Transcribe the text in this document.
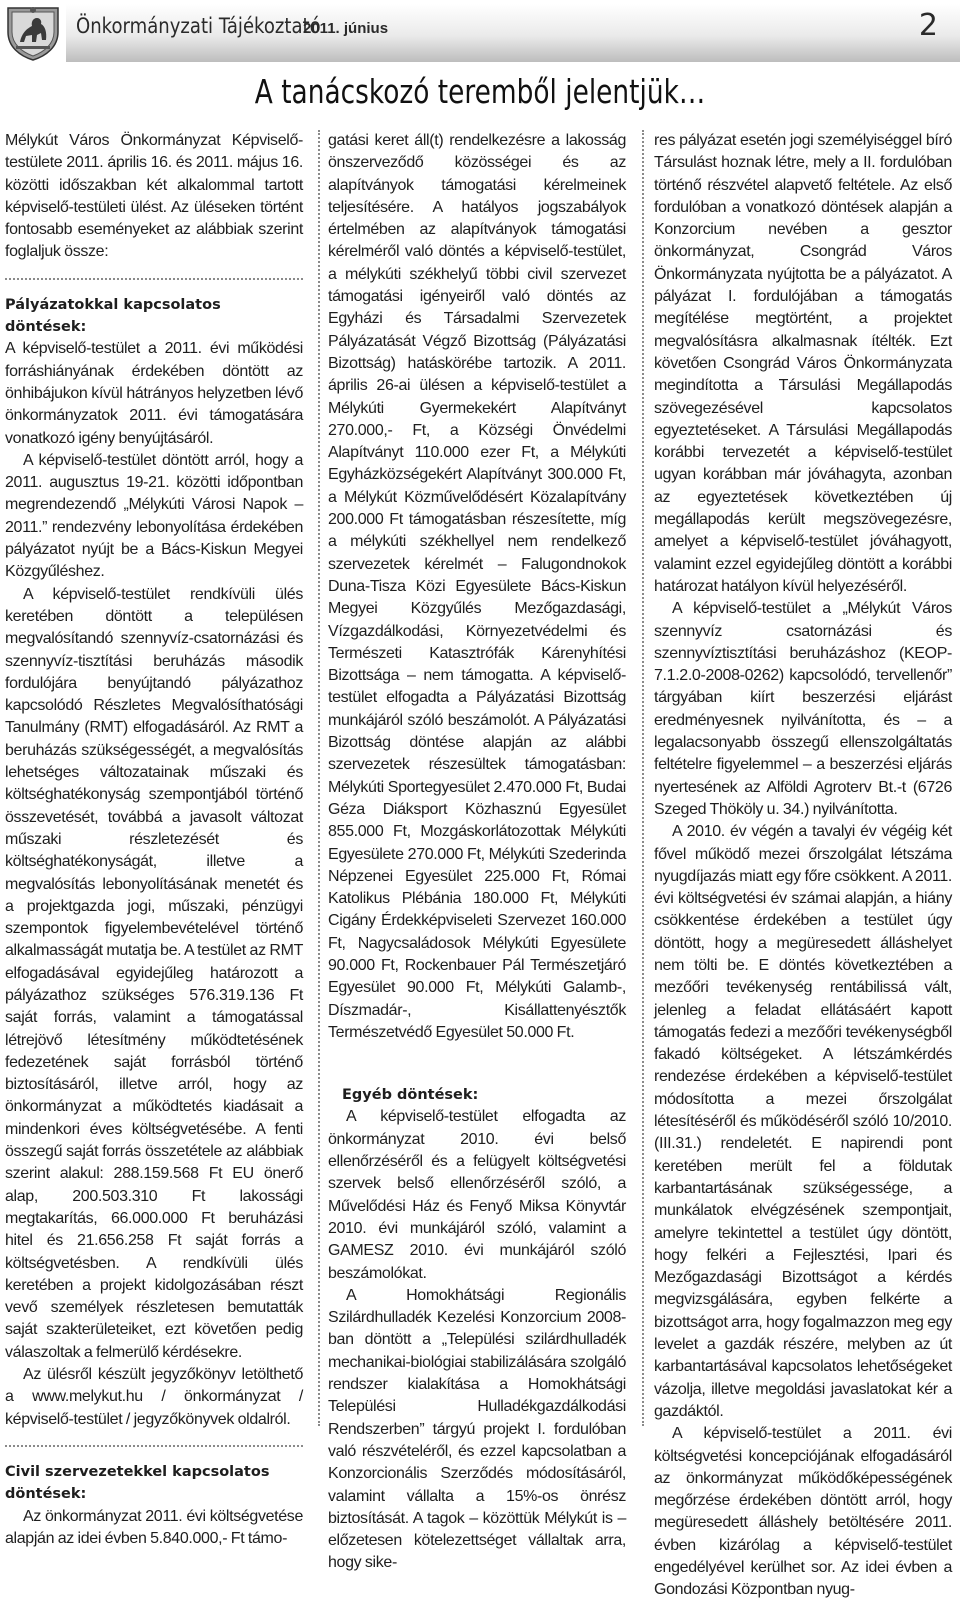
Önkormányzati Tájékoztató
2011. június	2
A tanácskozó teremből jelentjük…

Mélykút Város Önkormányzat Képviselő-testülete 2011. április 16. és 2011. május 16. közötti időszakban két alkalommal tartott képviselő-testületi ülést. Az üléseken történt fontosabb eseményeket az alábbiak szerint foglaljuk össze:

Pályázatokkal kapcsolatos döntések:

A képviselő-testület a 2011. évi működési forráshiányának érdekében döntött az önhibájukon kívül hátrányos helyzetben lévő önkormányzatok 2011. évi támogatására vonatkozó igény benyújtásáról.

A képviselő-testület döntött arról, hogy a 2011. augusztus 19-21. közötti időpontban megrendezendő „Mélykúti Városi Napok – 2011.” rendezvény lebonyolítása érdekében pályázatot nyújt be a Bács-Kiskun Megyei Közgyűléshez.

A képviselő-testület rendkívüli ülés keretében döntött a településen megvalósítandó szennyvíz-csatornázási és szennyvíz-tisztítási beruházás második fordulójára benyújtandó pályázathoz kapcsolódó Részletes Megvalósíthatósági Tanulmány (RMT) elfogadásáról. Az RMT a beruházás szükségességét, a megvalósítás lehetséges változatainak műszaki és költséghatékonyság szempontjából történő összevetését, továbbá a javasolt változat műszaki részletezését és költséghatékonyságát, illetve a megvalósítás lebonyolításának menetét és a projektgazda jogi, műszaki, pénzügyi szempontok figyelembevételével történő alkalmasságát mutatja be. A testület az RMT elfogadásával egyidejűleg határozott a pályázathoz szükséges 576.319.136 Ft saját forrás, valamint a támogatással létrejövő létesítmény működtetésének fedezetének saját forrásból történő biztosításáról, illetve arról, hogy az önkormányzat a működtetés kiadásait a mindenkori éves költségvetésébe. A fenti összegű saját forrás összetétele az alábbiak szerint alakul: 288.159.568 Ft EU önerő alap, 200.503.310 Ft lakossági megtakarítás, 66.000.000 Ft beruházási hitel és 21.656.258 Ft saját forrás a költségvetésben. A rendkívüli ülés keretében a projekt kidolgozásában részt vevő személyek részletesen bemutatták saját szakterületeiket, ezt követően pedig válaszoltak a felmerülő kérdésekre.

Az ülésről készült jegyzőkönyv letölthető a www.melykut.hu / önkormányzat / képviselő-testület / jegyzőkönyvek oldalról.

Civil szervezetekkel kapcsolatos döntések:

Az önkormányzat 2011. évi költségvetése alapján az idei évben 5.840.000,- Ft támo-

gatási keret áll(t) rendelkezésre a lakosság önszerveződő közösségei és az alapítványok támogatási kérelmeinek teljesítésére. A hatályos jogszabályok értelmében az alapítványok támogatási kérelméről való döntés a képviselő-testület, a mélykúti székhelyű többi civil szervezet támogatási igényeiről való döntés az Egyházi és Társadalmi Szervezetek Pályázatását Végző Bizottság (Pályázatási Bizottság) hatáskörébe tartozik. A 2011. április 26-ai ülésen a képviselő-testület a Mélykúti Gyermekekért Alapítványt 270.000,- Ft, a Községi Önvédelmi Alapítványt 110.000 ezer Ft, a Mélykúti Egyházközségekért Alapítványt 300.000 Ft, a Mélykút Közművelődésért Közalapítvány 200.000 Ft támogatásban részesítette, míg a mélykúti székhellyel nem rendelkező szervezetek kérelmét – Falugondnokok Duna-Tisza Közi Egyesülete Bács-Kiskun Megyei Közgyűlés Mezőgazdasági, Vízgazdálkodási, Környezetvédelmi és Természeti Katasztrófák Kárenyhítési Bizottsága – nem támogatta. A képviselő-testület elfogadta a Pályázatási Bizottság munkájáról szóló beszámolót. A Pályázatási Bizottság döntése alapján az alábbi szervezetek részesültek támogatásban: Mélykúti Sportegyesület 2.470.000 Ft, Budai Géza Diáksport Közhasznú Egyesület 855.000 Ft, Mozgáskorlátozottak Mélykúti Egyesülete 270.000 Ft, Mélykúti Szederinda Népzenei Egyesület 225.000 Ft, Római Katolikus Plébánia 180.000 Ft, Mélykúti Cigány Érdekképviseleti Szervezet 160.000 Ft, Nagycsaládosok Mélykúti Egyesülete 90.000 Ft, Rockenbauer Pál Természetjáró Egyesület 90.000 Ft, Mélykúti Galamb-, Díszmadár-, Kisállattenyésztők Természetvédő Egyesület 50.000 Ft.

Egyéb döntések:

A képviselő-testület elfogadta az önkormányzat 2010. évi belső ellenőrzéséről és a felügyelt költségvetési szervek belső ellenőrzéséről szóló, a Művelődési Ház és Fenyő Miksa Könyvtár 2010. évi munkájáról szóló, valamint a GAMESZ 2010. évi munkájáról szóló beszámolókat.

A Homokhátsági Regionális Szilárdhulladék Kezelési Konzorcium 2008-ban döntött a „Települési szilárdhulladék mechanikai-biológiai stabilizálására szolgáló rendszer kialakítása a Homokhátsági Települési Hulladékgazdálkodási Rendszerben” tárgyú projekt I. fordulóban való részvételéről, és ezzel kapcsolatban a Konzorcionális Szerződés módosításáról, valamint vállalta a 15%-os önrész biztosítását. A tagok – közöttük Mélykút is – előzetesen kötelezettséget vállaltak arra, hogy sike-

res pályázat esetén jogi személyiséggel bíró Társulást hoznak létre, mely a II. fordulóban történő részvétel alapvető feltétele. Az első fordulóban a vonatkozó döntések alapján a Konzorcium nevében a gesztor önkormányzat, Csongrád Város Önkormányzata nyújtotta be a pályázatot. A pályázat I. fordulójában a támogatás megítélése megtörtént, a projektet megvalósításra alkalmasnak ítélték. Ezt követően Csongrád Város Önkormányzata megindította a Társulási Megállapodás szövegezésével kapcsolatos egyeztetéseket. A Társulási Megállapodás korábbi tervezetét a képviselő-testület ugyan korábban már jóváhagyta, azonban az egyeztetések következtében új megállapodás került megszövegezésre, amelyet a képviselő-testület jóváhagyott, valamint ezzel egyidejűleg döntött a korábbi határozat hatályon kívül helyezéséről.

A képviselő-testület a „Mélykút Város szennyvíz csatornázási és szennyvíztisztítási beruházáshoz (KEOP-7.1.2.0-2008-0262) kapcsolódó, tervellenőr” tárgyában kiírt beszerzési eljárást eredményesnek nyilvánította, és – a legalacsonyabb összegű ellenszolgáltatás feltételre figyelemmel – a beszerzési eljárás nyertesének az Alföldi Agroterv Bt.-t (6726 Szeged Thököly u. 34.) nyilvánította.

A 2010. év végén a tavalyi év végéig két fővel működő mezei őrszolgálat létszáma nyugdíjazás miatt egy főre csökkent. A 2011. évi költségvetési év számai alapján, a hiány csökkentése érdekében a testület úgy döntött, hogy a megüresedett álláshelyet nem tölti be. E döntés következtében a mezőőri tevékenység rentábilissá vált, jelenleg a feladat ellátásáért kapott támogatás fedezi a mezőőri tevékenységből fakadó költségeket. A létszámkérdés rendezése érdekében a képviselő-testület módosította a mezei őrszolgálat létesítéséről és működéséről szóló 10/2010.(III.31.) rendeletét. E napirendi pont keretében merült fel a földutak karbantartásának szükségessége, a munkálatok elvégzésének szempontjait, amelyre tekintettel a testület úgy döntött, hogy felkéri a Fejlesztési, Ipari és Mezőgazdasági Bizottságot a kérdés megvizsgálására, egyben felkérte a bizottságot arra, hogy fogalmazzon meg egy levelet a gazdák részére, melyben az út karbantartásával kapcsolatos lehetőségeket vázolja, illetve megoldási javaslatokat kér a gazdáktól.

A képviselő-testület a 2011. évi költségvetési koncepciójának elfogadásáról az önkormányzat működőképességének megőrzése érdekében döntött arról, hogy megüresedett álláshely betöltésére 2011. évben kizárólag a képviselő-testület engedélyével kerülhet sor. Az idei évben a Gondozási Központban nyug-
